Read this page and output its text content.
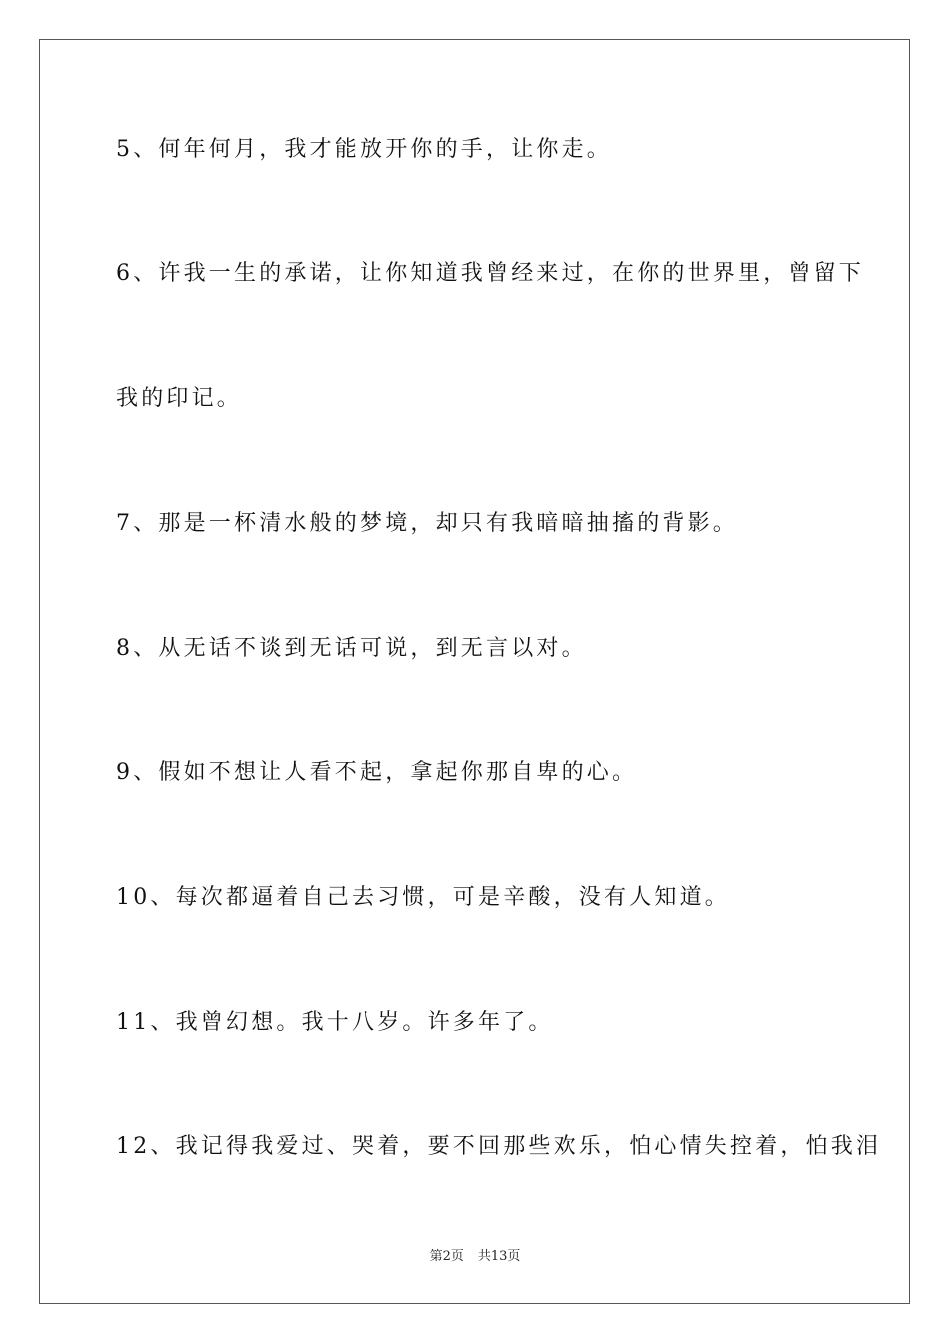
5、何年何月，我才能放开你的手，让你走。
6、许我一生的承诺，让你知道我曾经来过，在你的世界里，曾留下
我的印记。
7、那是一杯清水般的梦境，却只有我暗暗抽搐的背影。
8、从无话不谈到无话可说，到无言以对。
9、假如不想让人看不起，拿起你那自卑的心。
10、每次都逼着自己去习惯，可是辛酸，没有人知道。
11、我曾幻想。我十八岁。许多年了。
12、我记得我爱过、哭着，要不回那些欢乐，怕心情失控着，怕我泪
第2页 共13页
